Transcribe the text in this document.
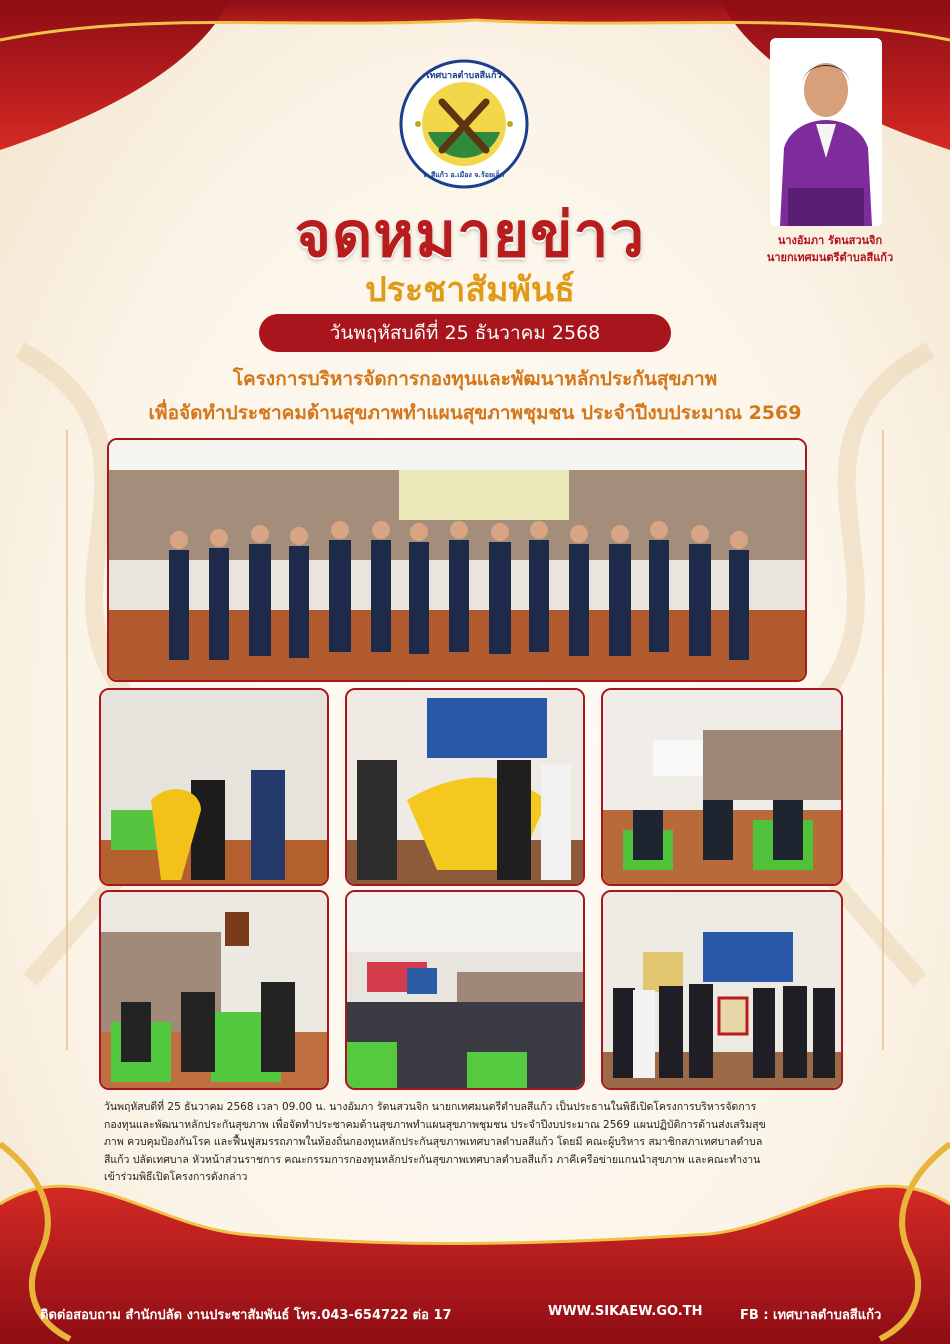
เทศบาลตำบลสีแก้ว
ต.สีแก้ว อ.เมือง จ.ร้อยเอ็ด
นางอัมภา รัตนสวนจิก
นายกเทศมนตรีตำบลสีแก้ว
จดหมายข่าว
ประชาสัมพันธ์
วันพฤหัสบดีที่ 25 ธันวาคม 2568
โครงการบริหารจัดการกองทุนและพัฒนาหลักประกันสุขภาพ
เพื่อจัดทำประชาคมด้านสุขภาพทำแผนสุขภาพชุมชน ประจำปีงบประมาณ 2569

วันพฤหัสบดีที่ 25 ธันวาคม 2568 เวลา 09.00 น. นางอัมภา รัตนสวนจิก นายกเทศมนตรีตำบลสีแก้ว เป็นประธานในพิธีเปิดโครงการบริหารจัดการ

กองทุนและพัฒนาหลักประกันสุขภาพ เพื่อจัดทำประชาคมด้านสุขภาพทำแผนสุขภาพชุมชน ประจำปีงบประมาณ 2569 แผนปฏิบัติการด้านส่งเสริมสุข

ภาพ ควบคุมป้องกันโรค และฟื้นฟูสมรรถภาพในท้องถิ่นกองทุนหลักประกันสุขภาพเทศบาลตำบลสีแก้ว โดยมี คณะผู้บริหาร สมาชิกสภาเทศบาลตำบล

สีแก้ว ปลัดเทศบาล หัวหน้าส่วนราชการ คณะกรรมการกองทุนหลักประกันสุขภาพเทศบาลตำบลสีแก้ว ภาคีเครือข่ายแกนนำสุขภาพ และคณะทำงาน

เข้าร่วมพิธีเปิดโครงการดังกล่าว

ติดต่อสอบถาม สำนักปลัด งานประชาสัมพันธ์ โทร.043-654722 ต่อ 17	WWW.SIKAEW.GO.TH	FB : เทศบาลตำบลสีแก้ว
